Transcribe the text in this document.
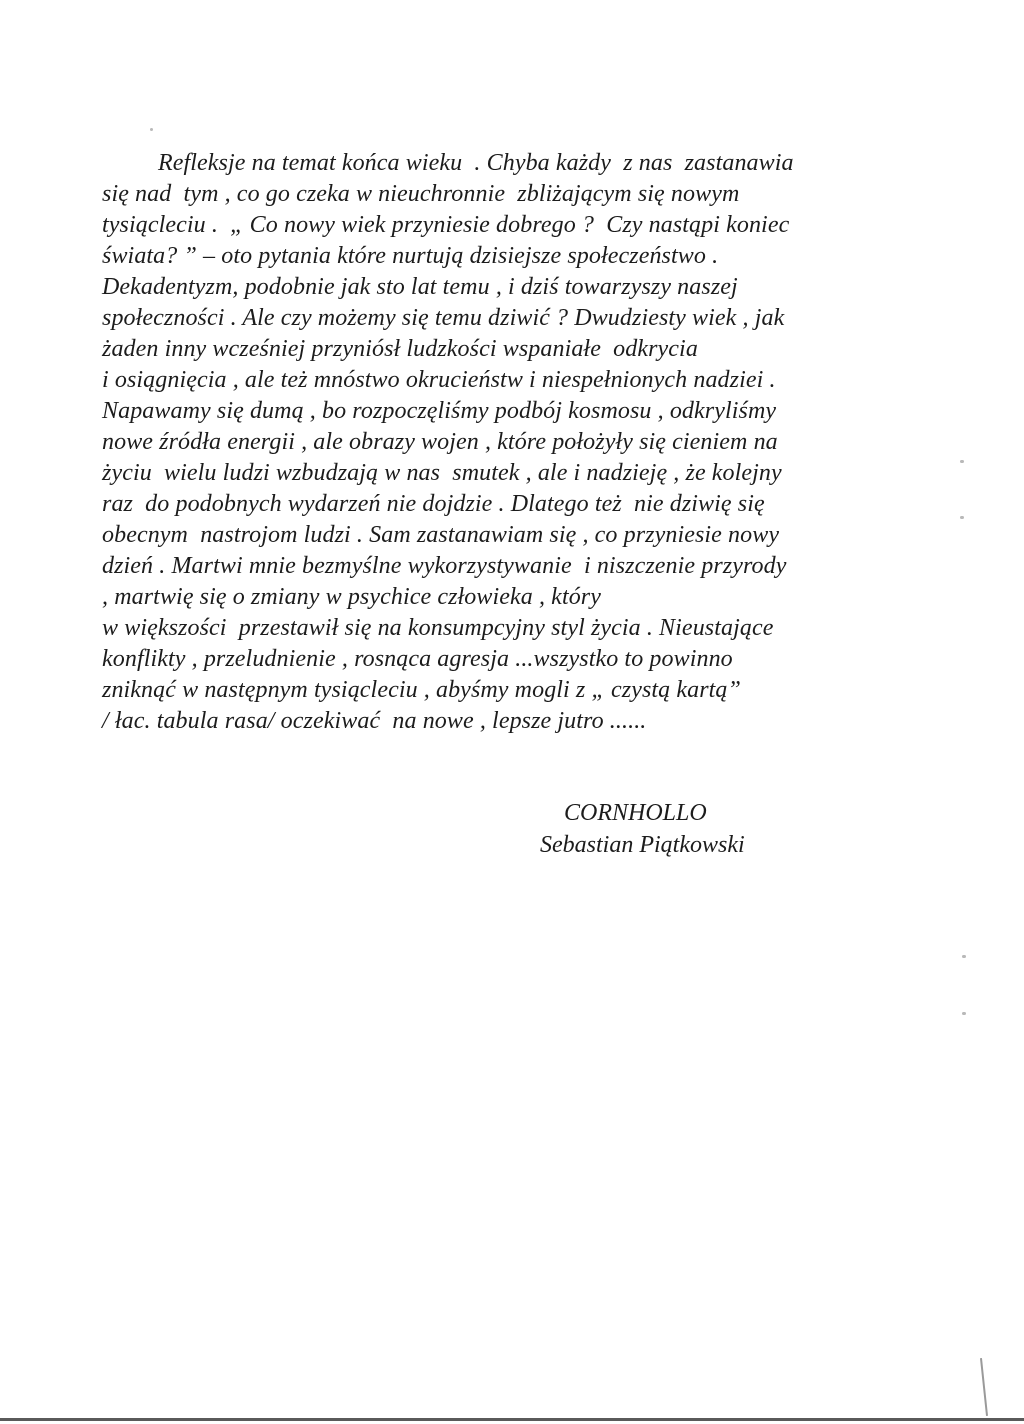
Refleksje na temat końca wieku  . Chyba każdy  z nas  zastanawia
się nad  tym , co go czeka w nieuchronnie  zbliżającym się nowym
tysiącleciu .  „ Co nowy wiek przyniesie dobrego ?  Czy nastąpi koniec
świata? ” – oto pytania które nurtują dzisiejsze społeczeństwo .
Dekadentyzm, podobnie jak sto lat temu , i dziś towarzyszy naszej
społeczności . Ale czy możemy się temu dziwić ? Dwudziesty wiek , jak
żaden inny wcześniej przyniósł ludzkości wspaniałe  odkrycia
i osiągnięcia , ale też mnóstwo okrucieństw i niespełnionych nadziei .
Napawamy się dumą , bo rozpoczęliśmy podbój kosmosu , odkryliśmy
nowe źródła energii , ale obrazy wojen , które położyły się cieniem na
życiu  wielu ludzi wzbudzają w nas  smutek , ale i nadzieję , że kolejny
raz  do podobnych wydarzeń nie dojdzie . Dlatego też  nie dziwię się
obecnym  nastrojom ludzi . Sam zastanawiam się , co przyniesie nowy
dzień . Martwi mnie bezmyślne wykorzystywanie  i niszczenie przyrody
, martwię się o zmiany w psychice człowieka , który
w większości  przestawił się na konsumpcyjny styl życia . Nieustające
konflikty , przeludnienie , rosnąca agresja ...wszystko to powinno
zniknąć w następnym tysiącleciu , abyśmy mogli z „ czystą kartą”
/ łac. tabula rasa/ oczekiwać  na nowe , lepsze jutro ......
CORNHOLLO
Sebastian Piątkowski
